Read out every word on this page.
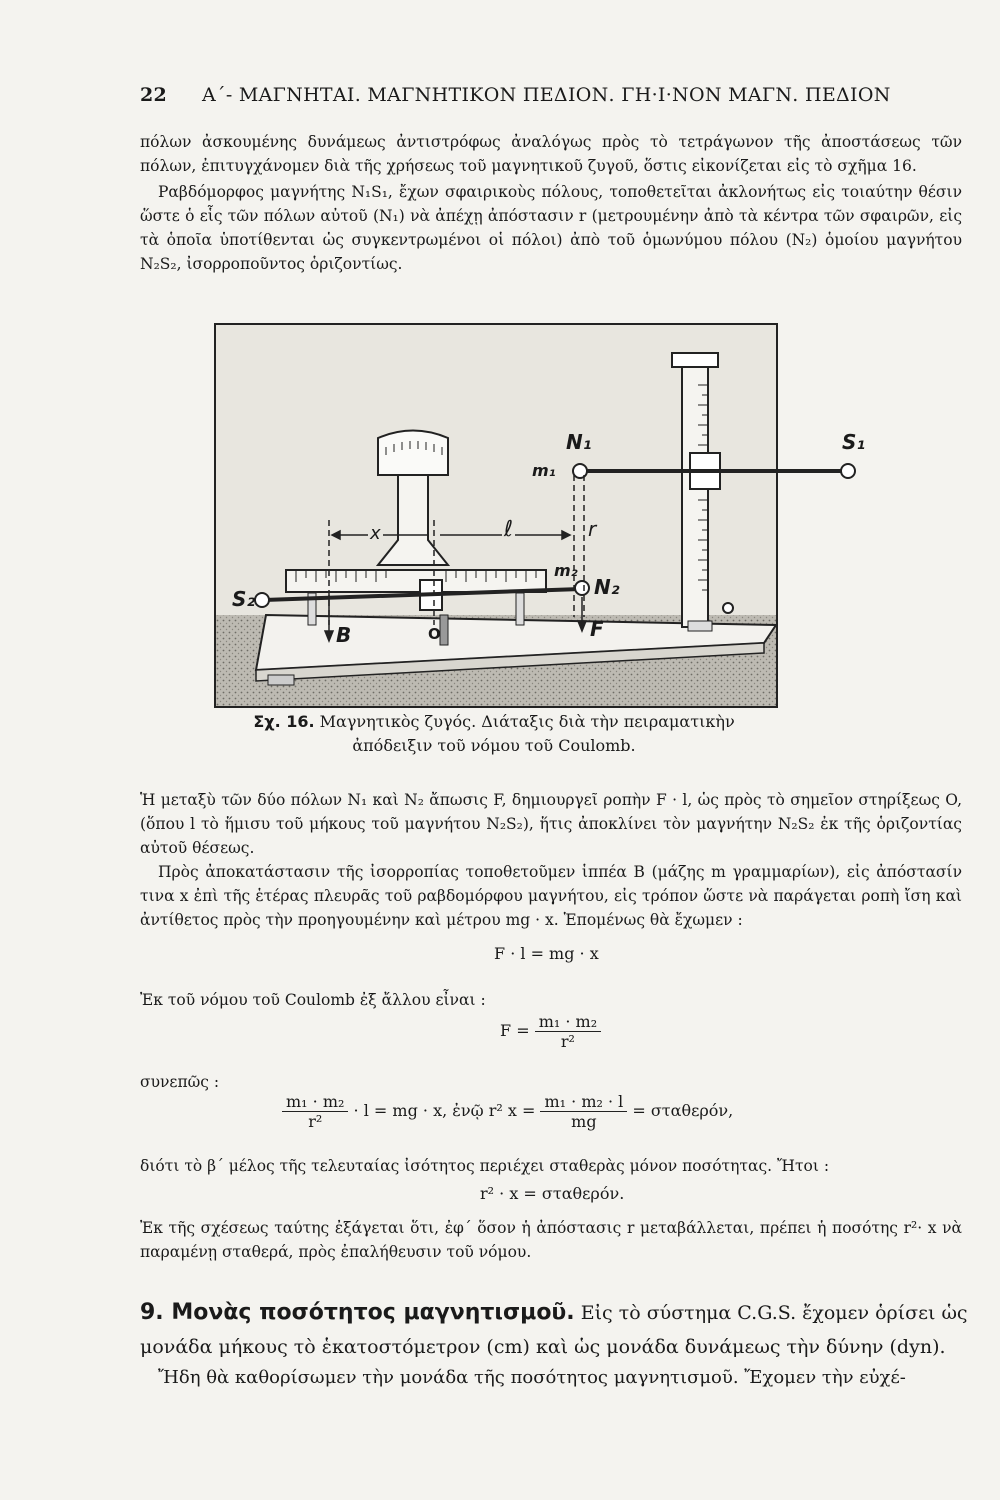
22 Α΄- ΜΑΓΝΗΤΑΙ. ΜΑΓΝΗΤΙΚΟΝ ΠΕΔΙΟΝ. ΓΗ·Ι·ΝΟΝ ΜΑΓΝ. ΠΕΔΙΟΝ

πόλων ἀσκουμένης δυνάμεως ἀντιστρόφως ἀναλόγως πρὸς τὸ τετράγωνον τῆς ἀποστάσεως τῶν πόλων, ἐπιτυγχάνομεν διὰ τῆς χρήσεως τοῦ μαγνητικοῦ ζυγοῦ, ὅστις εἰκονίζεται εἰς τὸ σχῆμα 16.

Ραβδόμορφος μαγνήτης N₁S₁, ἔχων σφαιρικοὺς πόλους, τοποθετεῖται ἀκλονήτως εἰς τοιαύτην θέσιν ὥστε ὁ εἷς τῶν πόλων αὐτοῦ (N₁) νὰ ἀπέχῃ ἀπόστασιν r (μετρουμένην ἀπὸ τὰ κέντρα τῶν σφαιρῶν, εἰς τὰ ὁποῖα ὑποτίθενται ὡς συγκεντρωμένοι οἱ πόλοι) ἀπὸ τοῦ ὁμωνύμου πόλου (N₂) ὁμοίου μαγνήτου N₂S₂, ἰσορροποῦντος ὁριζοντίως.

N₁
m₁
S₁
x	ℓ	r
m₂
N₂
S₂
B	O	F
Σχ. 16. Μαγνητικὸς ζυγός. Διάταξις διὰ τὴν πειραματικὴν ἀπόδειξιν τοῦ νόμου τοῦ Coulomb.

Ἡ μεταξὺ τῶν δύο πόλων N₁ καὶ N₂ ἄπωσις F, δημιουργεῖ ροπὴν F · l, ὡς πρὸς τὸ σημεῖον στηρίξεως O, (ὅπου l τὸ ἥμισυ τοῦ μήκους τοῦ μαγνήτου N₂S₂), ἥτις ἀποκλίνει τὸν μαγνήτην N₂S₂ ἐκ τῆς ὁριζοντίας αὐτοῦ θέσεως.

Πρὸς ἀποκατάστασιν τῆς ἰσορροπίας τοποθετοῦμεν ἱππέα B (μάζης m γραμμαρίων), εἰς ἀπόστασίν τινα x ἐπὶ τῆς ἑτέρας πλευρᾶς τοῦ ραβδομόρφου μαγνήτου, εἰς τρόπον ὥστε νὰ παράγεται ροπὴ ἴση καὶ ἀντίθετος πρὸς τὴν προηγουμένην καὶ μέτρου mg · x. Ἑπομένως θὰ ἔχωμεν :

F · l = mg · x

Ἐκ τοῦ νόμου τοῦ Coulomb ἐξ ἄλλου εἶναι :

$F = \frac{\text{m₁ · m₂}}{\text{r²}}$

συνεπῶς :

$\frac{\text{m₁ · m₂}}{\text{r²}} \cdot l$ = mg · x, ἐνῷ r² $x = \frac{\text{m₁ · m₂ · l}}{mg} = \sigma\tau\alpha\theta\varepsilon\rho ό\nu$,

διότι τὸ β΄ μέλος τῆς τελευταίας ἰσότητος περιέχει σταθερὰς μόνον ποσότητας. Ἤτοι :

r² · x = σταθερόν.

Ἐκ τῆς σχέσεως ταύτης ἐξάγεται ὅτι, ἐφ΄ ὅσον ἡ ἀπόστασις r μεταβάλλεται, πρέπει ἡ ποσότης r²· x νὰ παραμένῃ σταθερά, πρὸς ἐπαλήθευσιν τοῦ νόμου.

9. Μονὰς ποσότητος μαγνητισμοῦ. Εἰς τὸ σύστημα C.G.S. ἔχομεν ὁρίσει ὡς μονάδα μήκους τὸ ἑκατοστόμετρον (cm) καὶ ὡς μονάδα δυνάμεως τὴν δύνην (dyn).

Ἤδη θὰ καθορίσωμεν τὴν μονάδα τῆς ποσότητος μαγνητισμοῦ. Ἔχομεν τὴν εὐχέ-
